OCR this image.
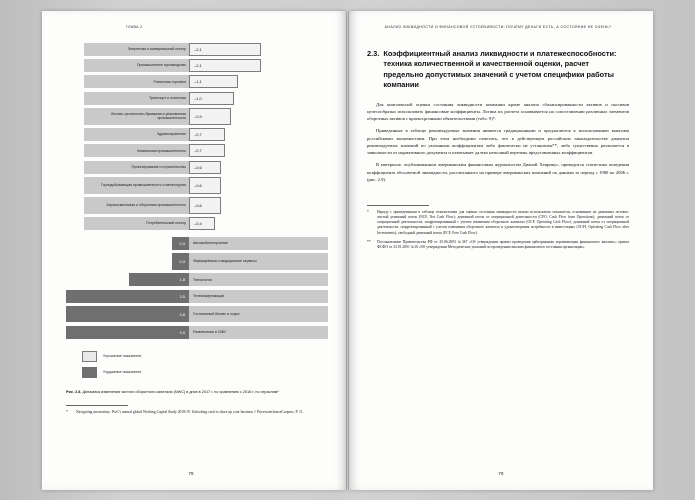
ГЛАВА 2
Энергетика и коммунальный сектор	–2,1
Промышленное производство	–2,1
Розничная торговля	–1,1
Транспорт и логистика	–1,0
Лесная, целлюлозно-бумажная и упаковочная промышленность	–0,9
Здравоохранение	–0,7
Химическая промышленность	–0,7
Проектирование и строительство	–0,6
Горнодобывающая промышленность и металлургия	–0,6
Аэрокосмическая и оборонная промышленность	–0,6
Потребительский сектор	–0,4
0,3	Автомобилестроение
0,3	Фармацевтика и медицинские сервисы
1,8	Технологии
3,5	Телекоммуникации
3,8	Гостиничный бизнес и отдых
3,9	Развлечения и СМИ
Улучшение показателя
Ухудшение показателя
Рис. 2.8. Динамика изменения чистого оборотного капитала (NWC) в днях в 2017 г. по сравнению с 2016 г. по отраслям*
*	Navigating uncertainty: PwC's annual global Working Capital Study 2018/19. Unlocking cash to shore up your business // PricewaterhouseCoopers. P. 11.
78
АНАЛИЗ ЛИКВИДНОСТИ И ФИНАНСОВОЙ УСТОЙЧИВОСТИ: ПОЧЕМУ ДЕНЬГИ ЕСТЬ, А СОСТОЯНИЕ НЕ ОЧЕНЬ?
2.3. Коэффициентный анализ ликвидности и платежеспособности: техника количественной и качественной оценки, расчет предельно допустимых значений с учетом специфики работы компании

Для комплексной оценки состояния ликвидности компании кроме анализа сбалансированности активов и пассивов целесообразно использовать финансовые коэффициенты. Логика их расчета основывается на сопоставлении различных элементов оборотных активов с краткосрочными обязательствами (табл. 9)*.

Приведенные в таблице рекомендуемые значения являются традиционными и предлагаются к использованию многими российскими экономистами. При этом необходимо отметить, что в действующем российском законодательстве диапазон рекомендуемых значений по указанным коэффициентам либо фактически не установлен**, либо существенно различается в зависимости от нормативного документа и охватывает далеко неполный перечень представленных коэффициентов.

В материале, опубликованном американским финансовым журналистом Дианой Хенрикус, приводится статистика поведения коэффициента абсолютной ликвидности, рассчитанного на примере американских компаний по данным за период с 1980 по 2006 г. (рис. 2.9).

*	Наряду с приведенными в таблице показателями для оценки состояния ликвидности можно использовать показатели, основанные на денежных потоках: чистый денежный поток (NCF, Net Cash Flow); денежный поток от операционной деятельности (CFO, Cash Flow from Operations); денежный поток от операционной деятельности, скорректированный с учетом изменения оборотного капитала (OCF, Operating Cash Flow); денежный поток от операционной деятельности, скорректированный с учетом изменения оборотного капитала и удовлетворения потребности в инвестициях (OCFI, Operating Cash Flow after Investments); свободный денежный поток (FCF, Free Cash Flow).
**	Постановление Правительства РФ от 25.06.2003 №367 «Об утверждении правил проведения арбитражным управляющим финансового анализа»; приказ ФСФО от 23.01.2001 №16 «Об утверждении Методических указаний по проведению анализа финансового состояния организации».
79
